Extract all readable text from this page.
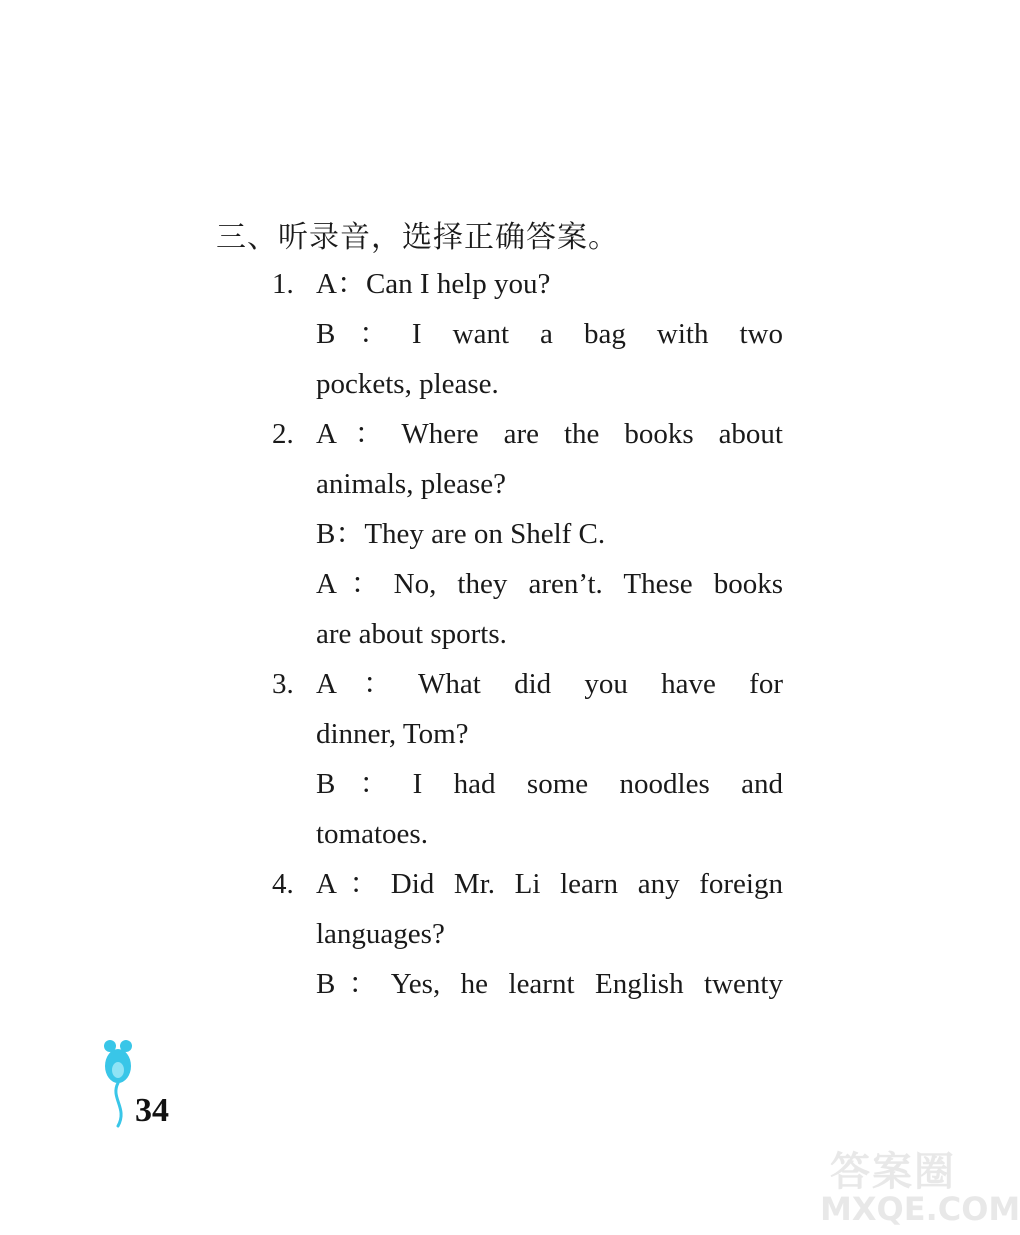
三、听录音，选择正确答案。
1. A：Can I help you?
B：I want a bag with two
pockets, please.
2. A：Where are the books about
animals, please?
B：They are on Shelf C.
A：No, they aren’t. These books
are about sports.
3. A：What did you have for
dinner, Tom?
B：I had some noodles and
tomatoes.
4. A：Did Mr. Li learn any foreign
languages?
B：Yes, he learnt English twenty
34
答案圈
MXQE.COM
